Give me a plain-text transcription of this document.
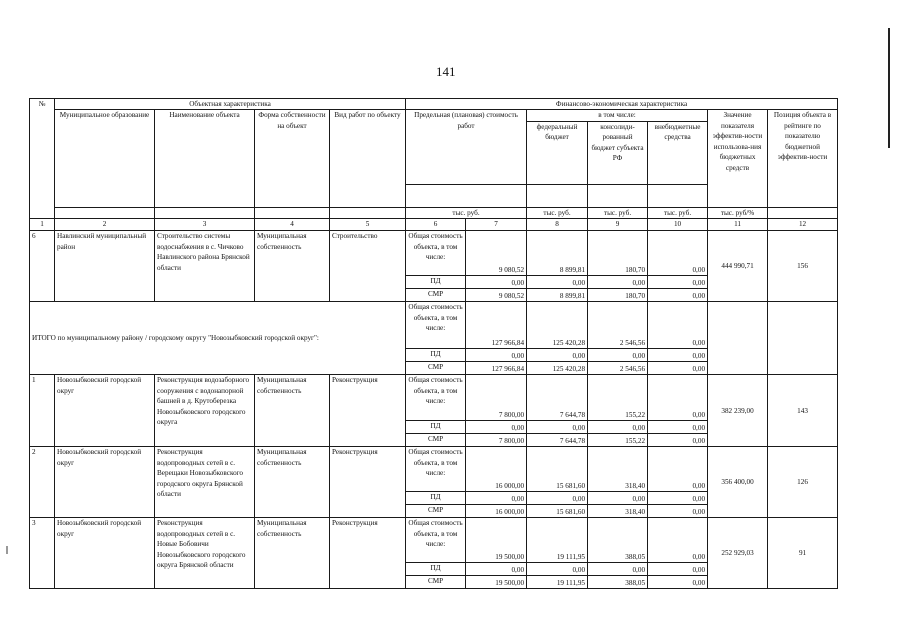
141
№	Объектная характеристика				Финансово-экономическая характеристика						
	Муниципальное образование	Наименование объекта	Форма собственности на объект	Вид работ по объекту	Предельная (плановая) стоимость работ		в том числе:			Значение показателя эффектив-ности использова-ния бюджетных средств	Позиция объекта в рейтинге по показателю бюджетной эффектив-ности
							федеральный бюджет	консолиди-рованный бюджет субъекта РФ	внебюджетные средства		

					тыс. руб.		тыс. руб.	тыс. руб.	тыс. руб.	тыс. руб/%	
1	2	3	4	5	6	7	8	9	10	11	12
6	Навлинский муниципальный район	Строительство системы водоснабжения в с. Чичково Навлинского района Брянской области	Муниципальная собственность	Строительство	Общая стоимость объекта, в том числе:	9 080,52	8 899,81	180,70	0,00	444 990,71	156
					ПД	0,00	0,00	0,00	0,00		
					СМР	9 080,52	8 899,81	180,70	0,00		
ИТОГО по муниципальному району / городскому округу "Новозыбковский городской округ":					Общая стоимость объекта, в том числе:	127 966,84	125 420,28	2 546,56	0,00		
					ПД	0,00	0,00	0,00	0,00		
					СМР	127 966,84	125 420,28	2 546,56	0,00		
1	Новозыбковский городской округ	Реконструкция водозаборного сооружения с водонапорной башней в д. Крутоберезка Новозыбковского городского округа	Муниципальная собственность	Реконструкция	Общая стоимость объекта, в том числе:	7 800,00	7 644,78	155,22	0,00	382 239,00	143
					ПД	0,00	0,00	0,00	0,00		
					СМР	7 800,00	7 644,78	155,22	0,00		
2	Новозыбковский городской округ	Реконструкция водопроводных сетей в с. Верещаки Новозыбковского городского округа Брянской области	Муниципальная собственность	Реконструкция	Общая стоимость объекта, в том числе:	16 000,00	15 681,60	318,40	0,00	356 400,00	126
					ПД	0,00	0,00	0,00	0,00		
					СМР	16 000,00	15 681,60	318,40	0,00		
3	Новозыбковский городской округ	Реконструкция водопроводных сетей в с. Новые Бобовичи Новозыбковского городского округа Брянской области	Муниципальная собственность	Реконструкция	Общая стоимость объекта, в том числе:	19 500,00	19 111,95	388,05	0,00	252 929,03	91
					ПД	0,00	0,00	0,00	0,00		
					СМР	19 500,00	19 111,95	388,05	0,00		
